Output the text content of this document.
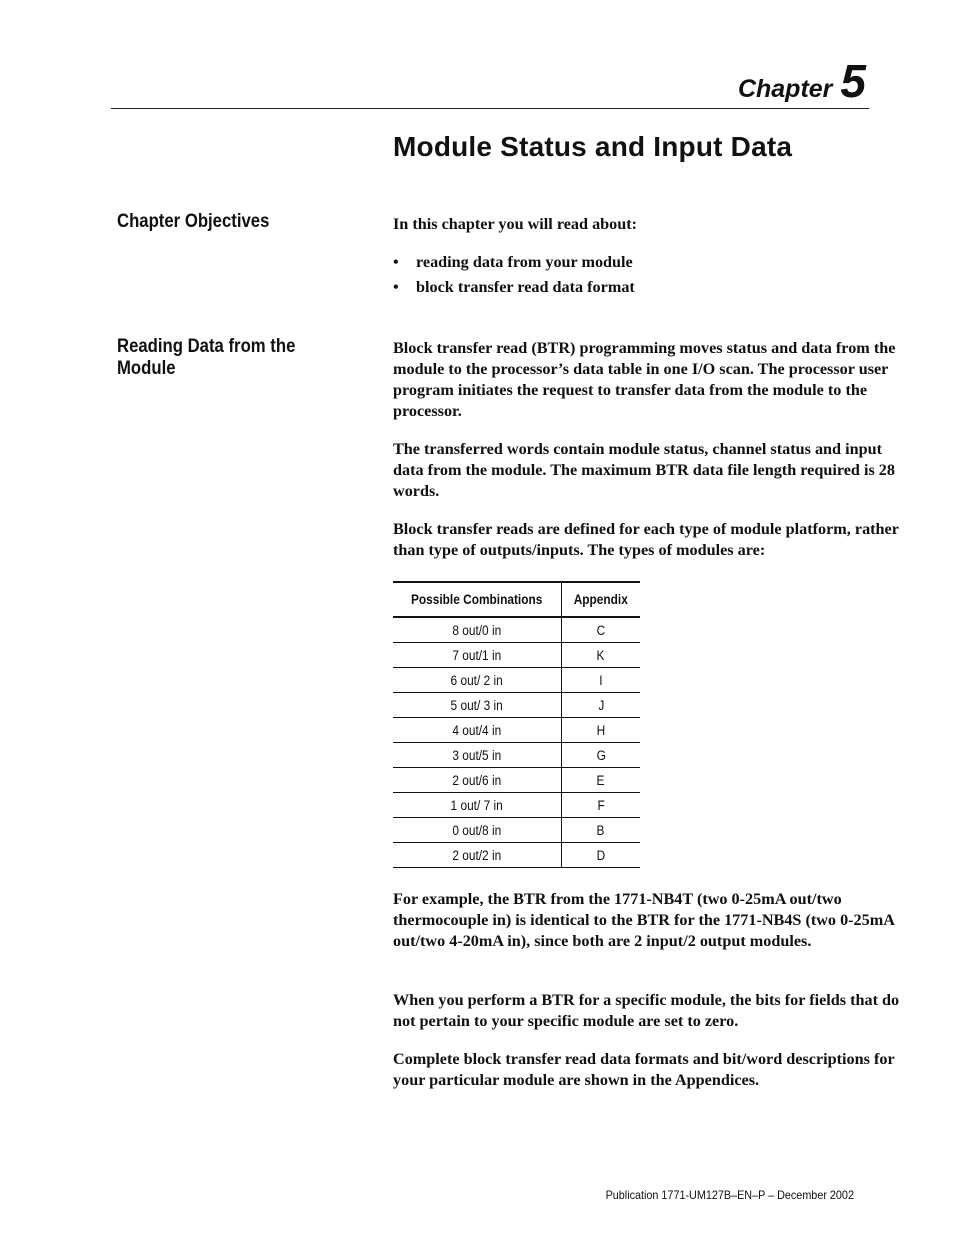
Chapter 5
Module Status and Input Data
Chapter Objectives	In this chapter you will read about:

• reading data from your module
• block transfer read data format
Reading Data from the
Module

Block transfer read (BTR) programming moves status and data from the module to the processor’s data table in one I/O scan. The processor user program initiates the request to transfer data from the module to the processor.

The transferred words contain module status, channel status and input data from the module. The maximum BTR data file length required is 28 words.

Block transfer reads are defined for each type of module platform, rather than type of outputs/inputs. The types of modules are:

Possible Combinations	Appendix
8 out/0 in	C
7 out/1 in	K
6 out/ 2 in	I
5 out/ 3 in	J
4 out/4 in	H
3 out/5 in	G
2 out/6 in	E
1 out/ 7 in	F
0 out/8 in	B
2 out/2 in	D

For example, the BTR from the 1771-NB4T (two 0-25mA out/two thermocouple in) is identical to the BTR for the 1771-NB4S (two 0-25mA out/two 4-20mA in), since both are 2 input/2 output modules.

When you perform a BTR for a specific module, the bits for fields that do not pertain to your specific module are set to zero.

Complete block transfer read data formats and bit/word descriptions for your particular module are shown in the Appendices.

Publication 1771-UM127B–EN–P – December 2002
